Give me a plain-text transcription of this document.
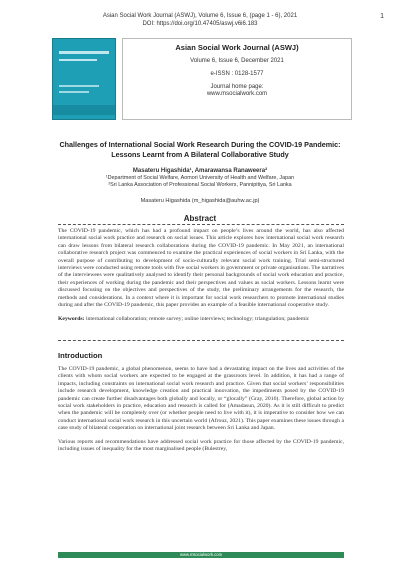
Asian Social Work Journal (ASWJ), Volume 6, Issue 6, (page 1 - 6), 2021
DOI: https://doi.org/10.47405/aswj.v6i6.183
1
Asian Social Work Journal (ASWJ)
Volume 6, Issue 6, December 2021
e-ISSN : 0128-1577
Journal home page:
www.msocialwork.com
Challenges of International Social Work Research During the COVID-19 Pandemic:
Lessons Learnt from A Bilateral Collaborative Study
Masateru Higashida¹, Amarawansa Ranaweera²
¹Department of Social Welfare, Aomori University of Health and Welfare, Japan
²Sri Lanka Association of Professional Social Workers, Pannipitiya, Sri Lanka
Masateru Higashida (m_higashida@auhw.ac.jp)
Abstract
The COVID-19 pandemic, which has had a profound impact on people’s lives around the world, has also affected international social work practice and research on social issues. This article explores how international social work research can draw lessons from bilateral research collaborations during the COVID-19 pandemic. In May 2021, an international collaborative research project was commenced to examine the practical experiences of social workers in Sri Lanka, with the overall purpose of contributing to development of socio-culturally relevant social work training. Trial semi-structured interviews were conducted using remote tools with five social workers in government or private organisations. The narratives of the interviewees were qualitatively analysed to identify their personal backgrounds of social work education and practice, their experiences of working during the pandemic and their perspectives and values as social workers. Lessons learnt were discussed focusing on the objectives and perspectives of the study, the preliminary arrangements for the research, the methods and considerations. In a context where it is important for social work researchers to promote international studies during and after the COVID-19 pandemic, this paper provides an example of a feasible international cooperative study.
Keywords: international collaboration; remote survey; online interviews; technology; triangulation; pandemic
Introduction

The COVID-19 pandemic, a global phenomenon, seems to have had a devastating impact on the lives and activities of the clients with whom social workers are expected to be engaged at the grassroots level. In addition, it has had a range of impacts, including constraints on international social work research and practice. Given that social workers’ responsibilities include research development, knowledge creation and practical innovation, the impediments posed by the COVID-19 pandemic can create further disadvantages both globally and locally, or “glocally” (Gray, 2016). Therefore, global action by social work stakeholders in practice, education and research is called for (Amadasun, 2020). As it is still difficult to predict when the pandemic will be completely over (or whether people need to live with it), it is imperative to consider how we can conduct international social work research in this uncertain world (Afrouz, 2021). This paper examines these issues through a case study of bilateral cooperation on international joint research between Sri Lanka and Japan.

Various reports and recommendations have addressed social work practice for those affected by the COVID-19 pandemic, including issues of inequality for the most marginalised people (Bulestrey,

www.msocialwork.com
